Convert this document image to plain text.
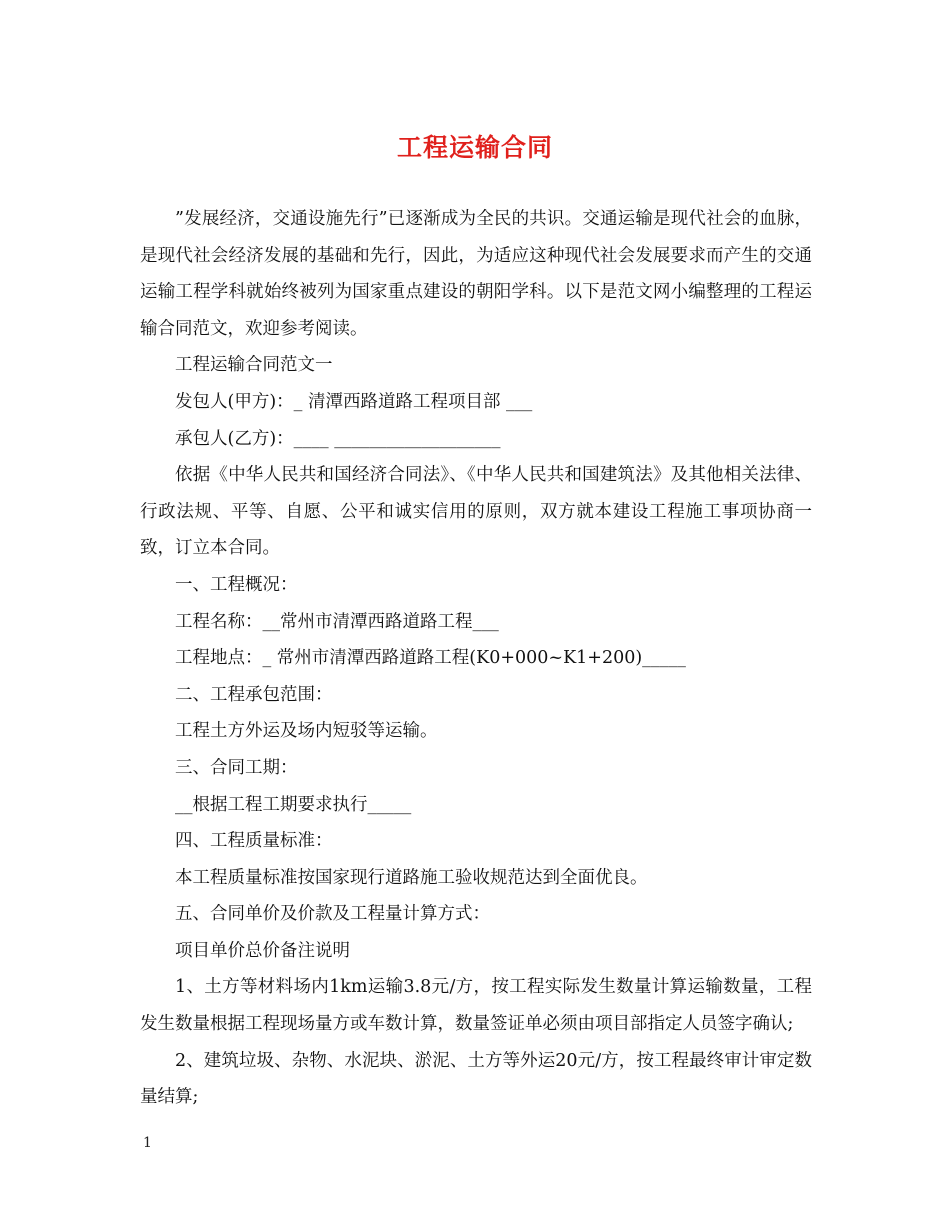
工程运输合同

”发展经济，交通设施先行”已逐渐成为全民的共识。交通运输是现代社会的血脉，是现代社会经济发展的基础和先行，因此，为适应这种现代社会发展要求而产生的交通运输工程学科就始终被列为国家重点建设的朝阳学科。以下是范文网小编整理的工程运输合同范文，欢迎参考阅读。

工程运输合同范文一

发包人(甲方)：_ 清潭西路道路工程项目部 ___

承包人(乙方)：____ ___________________

依据《中华人民共和国经济合同法》、《中华人民共和国建筑法》及其他相关法律、行政法规、平等、自愿、公平和诚实信用的原则，双方就本建设工程施工事项协商一致，订立本合同。

一、工程概况：

工程名称：__常州市清潭西路道路工程___

工程地点：_ 常州市清潭西路道路工程(K0+000~K1+200)_____

二、工程承包范围：

工程土方外运及场内短驳等运输。

三、合同工期：

__根据工程工期要求执行_____

四、工程质量标准：

本工程质量标准按国家现行道路施工验收规范达到全面优良。

五、合同单价及价款及工程量计算方式：

项目单价总价备注说明

1、土方等材料场内1km运输3.8元/方，按工程实际发生数量计算运输数量，工程发生数量根据工程现场量方或车数计算，数量签证单必须由项目部指定人员签字确认;

2、建筑垃圾、杂物、水泥块、淤泥、土方等外运20元/方，按工程最终审计审定数量结算;

1
